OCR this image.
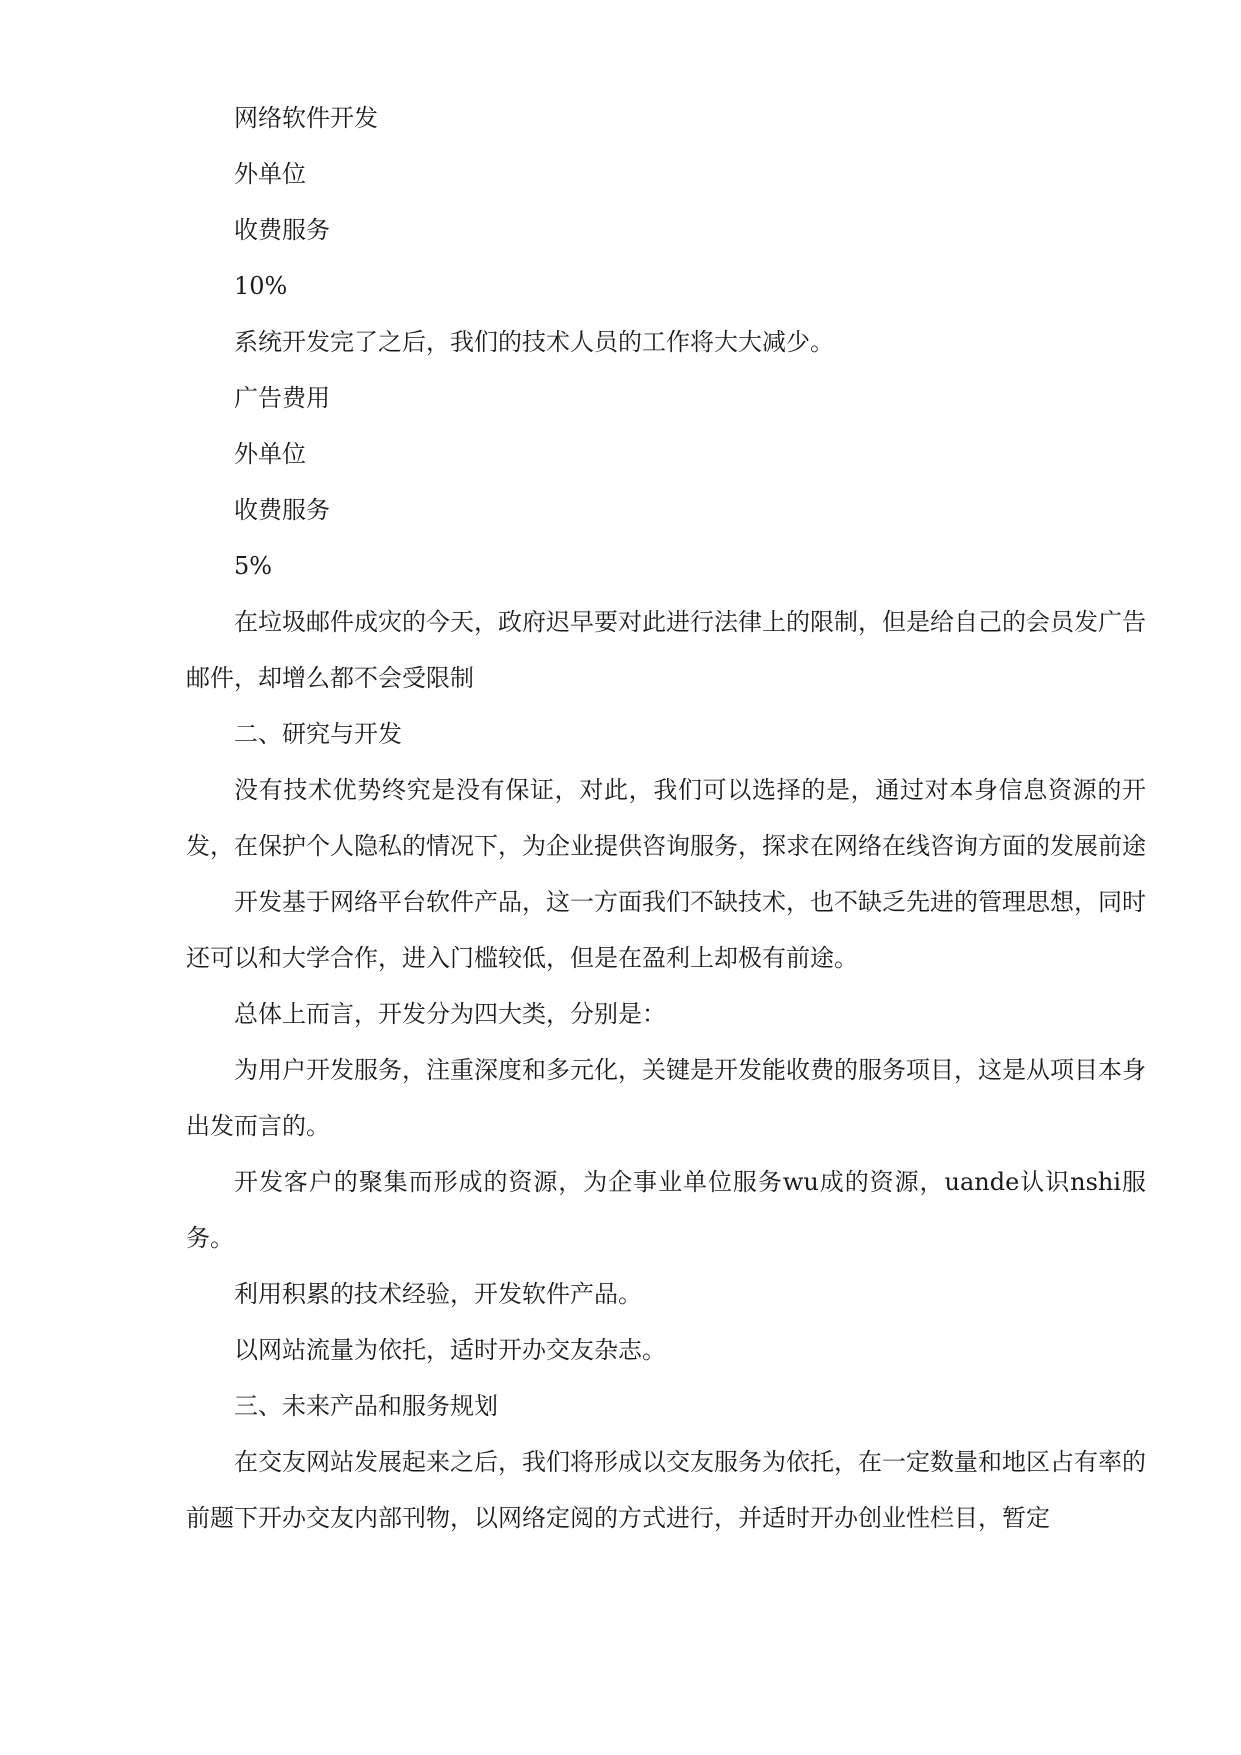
网络软件开发

外单位

收费服务

10%

系统开发完了之后，我们的技术人员的工作将大大减少。

广告费用

外单位

收费服务

5%

在垃圾邮件成灾的今天，政府迟早要对此进行法律上的限制，但是给自己的会员发广告邮件，却增么都不会受限制

二、研究与开发

没有技术优势终究是没有保证，对此，我们可以选择的是，通过对本身信息资源的开发，在保护个人隐私的情况下，为企业提供咨询服务，探求在网络在线咨询方面的发展前途

开发基于网络平台软件产品，这一方面我们不缺技术，也不缺乏先进的管理思想，同时还可以和大学合作，进入门槛较低，但是在盈利上却极有前途。

总体上而言，开发分为四大类，分别是：

为用户开发服务，注重深度和多元化，关键是开发能收费的服务项目，这是从项目本身出发而言的。

开发客户的聚集而形成的资源，为企事业单位服务wu成的资源，uande认识nshi服务。

利用积累的技术经验，开发软件产品。

以网站流量为依托，适时开办交友杂志。

三、未来产品和服务规划

在交友网站发展起来之后，我们将形成以交友服务为依托，在一定数量和地区占有率的前题下开办交友内部刊物，以网络定阅的方式进行，并适时开办创业性栏目，暂定
